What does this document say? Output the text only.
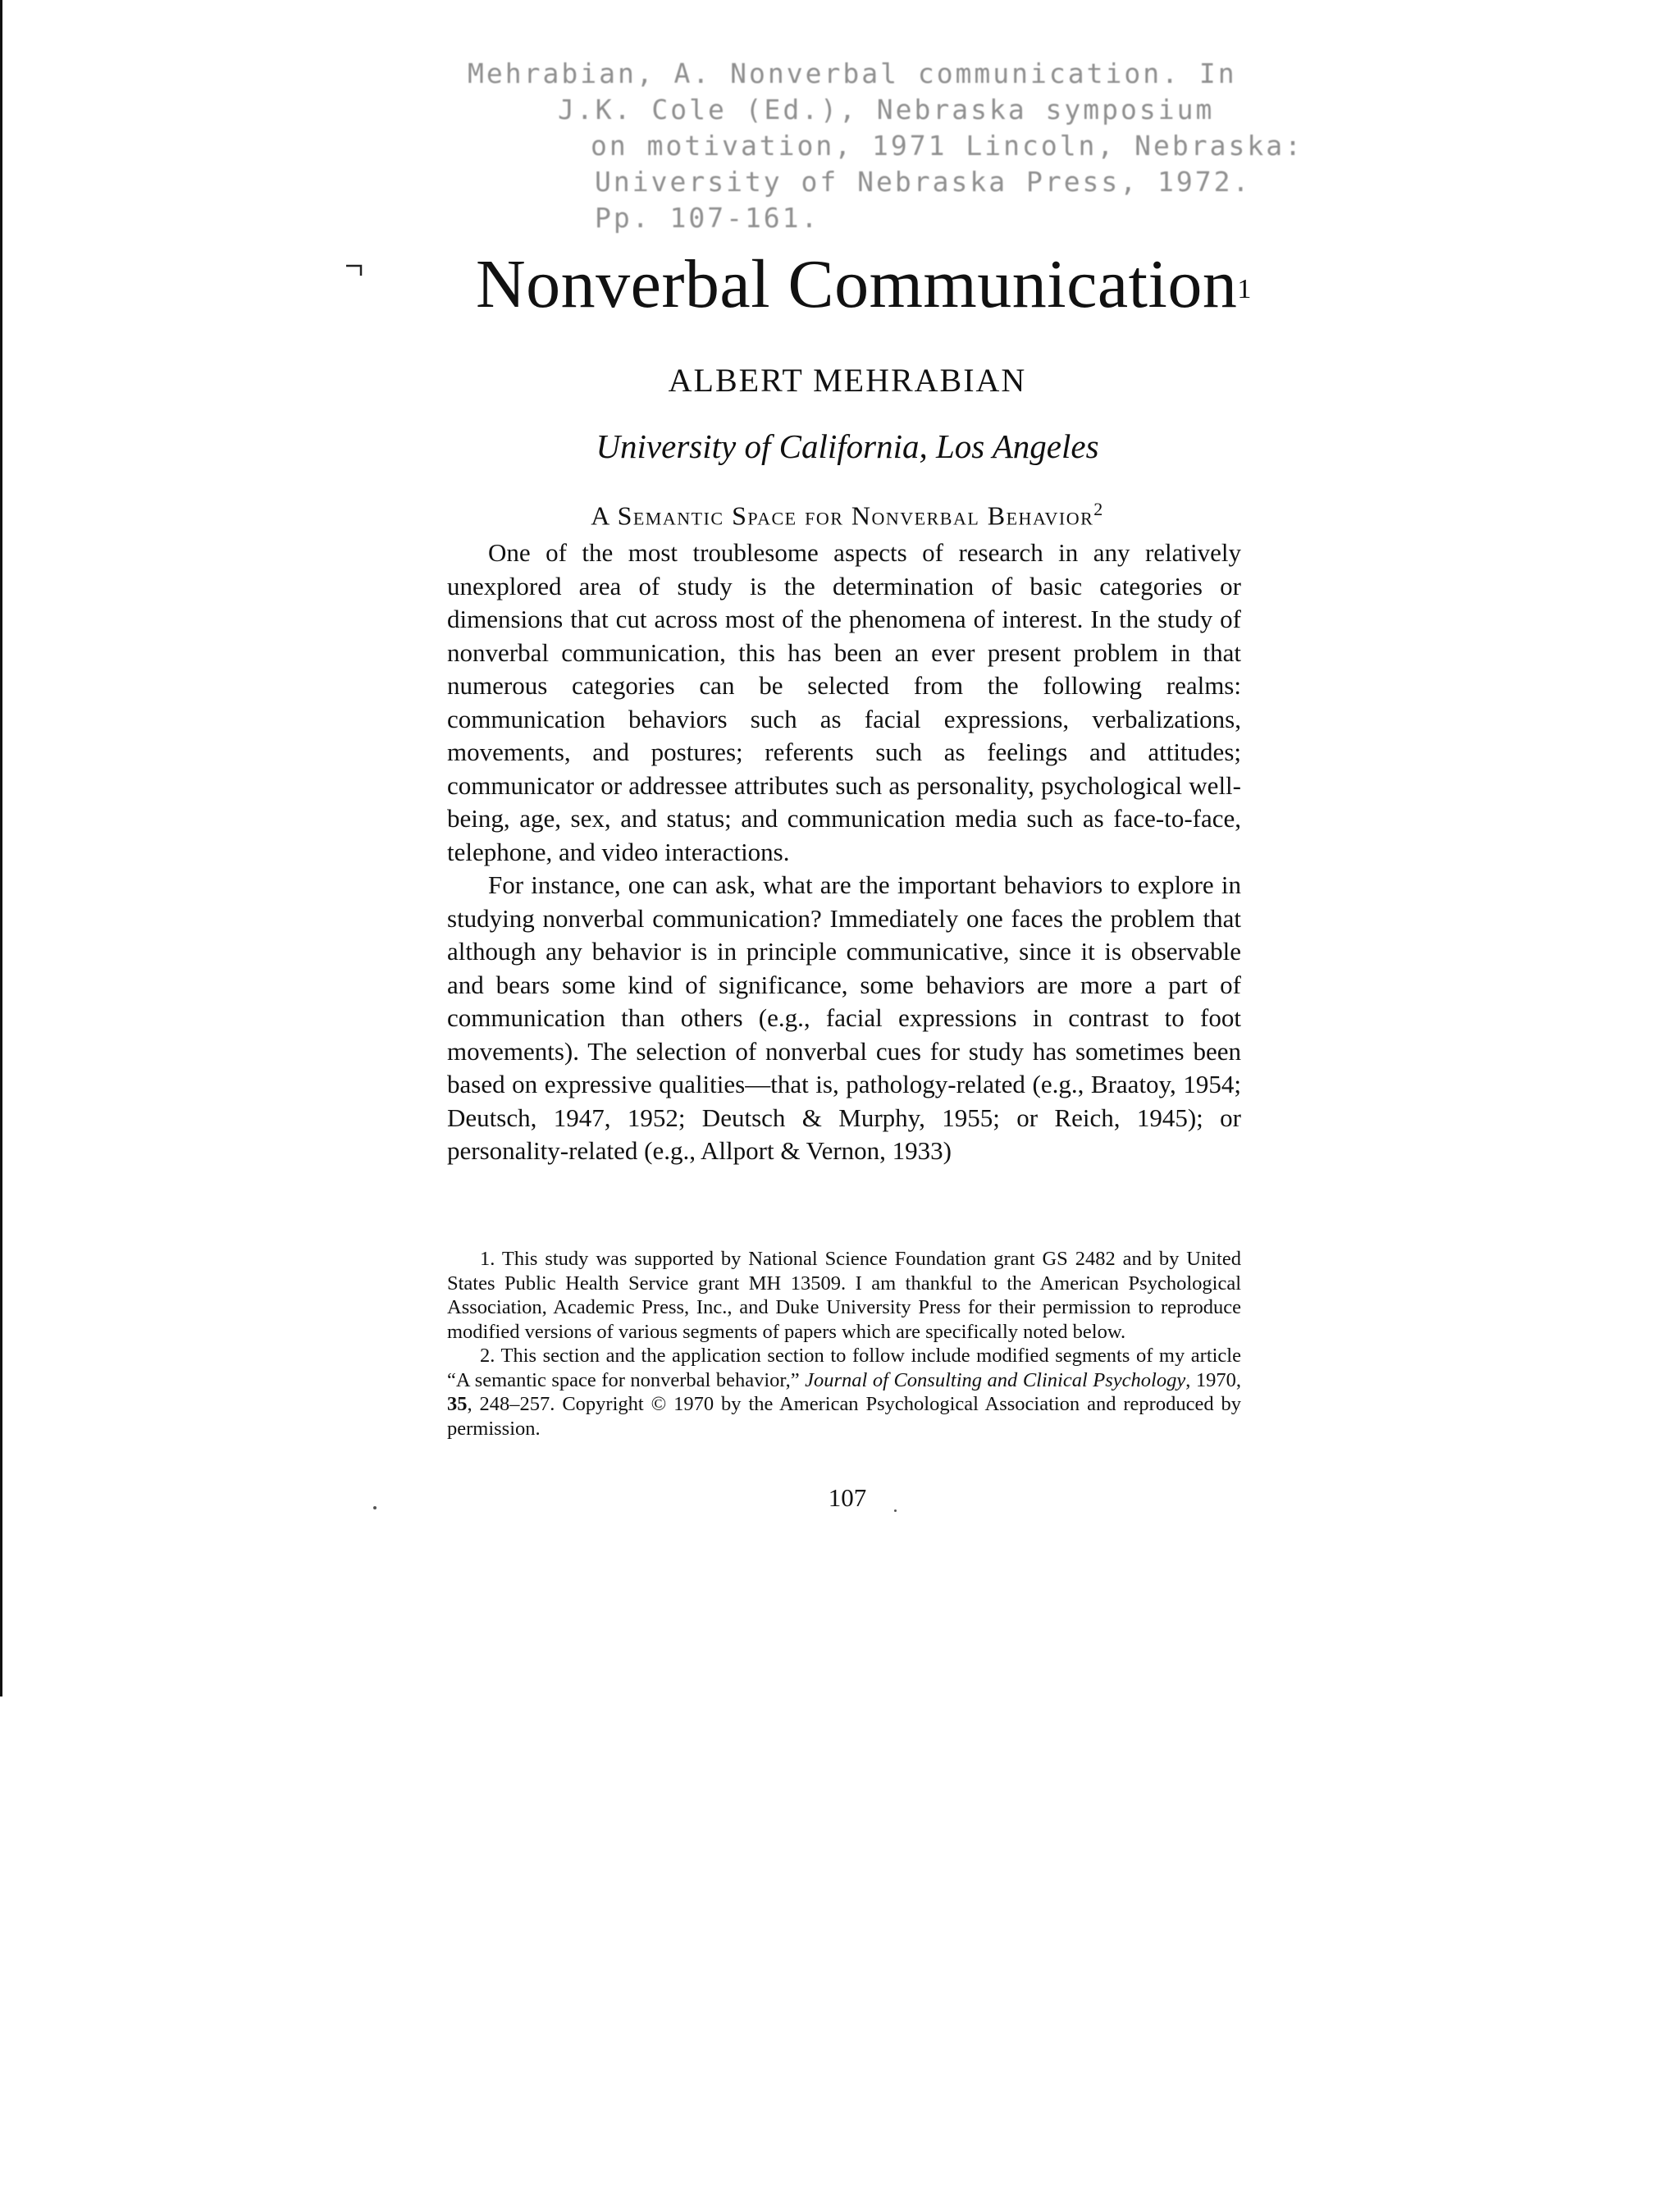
Mehrabian, A. Nonverbal communication. In
J.K. Cole (Ed.), Nebraska symposium
on motivation, 1971 Lincoln, Nebraska:
University of Nebraska Press, 1972.
Pp. 107-161.
Nonverbal Communication$^1$
ALBERT MEHRABIAN
University of California, Los Angeles
A Semantic Space for Nonverbal Behavior$^2$

One of the most troublesome aspects of research in any relatively unexplored area of study is the determination of basic categories or dimensions that cut across most of the phenomena of interest. In the study of nonverbal communication, this has been an ever present problem in that numerous categories can be selected from the following realms: communication behaviors such as facial expressions, verbalizations, movements, and postures; referents such as feelings and attitudes; communicator or addressee attributes such as personality, psychological well-being, age, sex, and status; and communication media such as face-to-face, telephone, and video interactions.

For instance, one can ask, what are the important behaviors to explore in studying nonverbal communication? Immediately one faces the problem that although any behavior is in principle communicative, since it is observable and bears some kind of significance, some behaviors are more a part of communication than others (e.g., facial expressions in contrast to foot movements). The selection of nonverbal cues for study has sometimes been based on expressive qualities—that is, pathology-related (e.g., Braatoy, 1954; Deutsch, 1947, 1952; Deutsch & Murphy, 1955; or Reich, 1945); or personality-related (e.g., Allport & Vernon, 1933)

1. This study was supported by National Science Foundation grant GS 2482 and by United States Public Health Service grant MH 13509. I am thankful to the American Psychological Association, Academic Press, Inc., and Duke University Press for their permission to reproduce modified versions of various segments of papers which are specifically noted below.

2. This section and the application section to follow include modified segments of my article “A semantic space for nonverbal behavior,” Journal of Consulting and Clinical Psychology, 1970, 35, 248–257. Copyright © 1970 by the American Psychological Association and reproduced by permission.

107
